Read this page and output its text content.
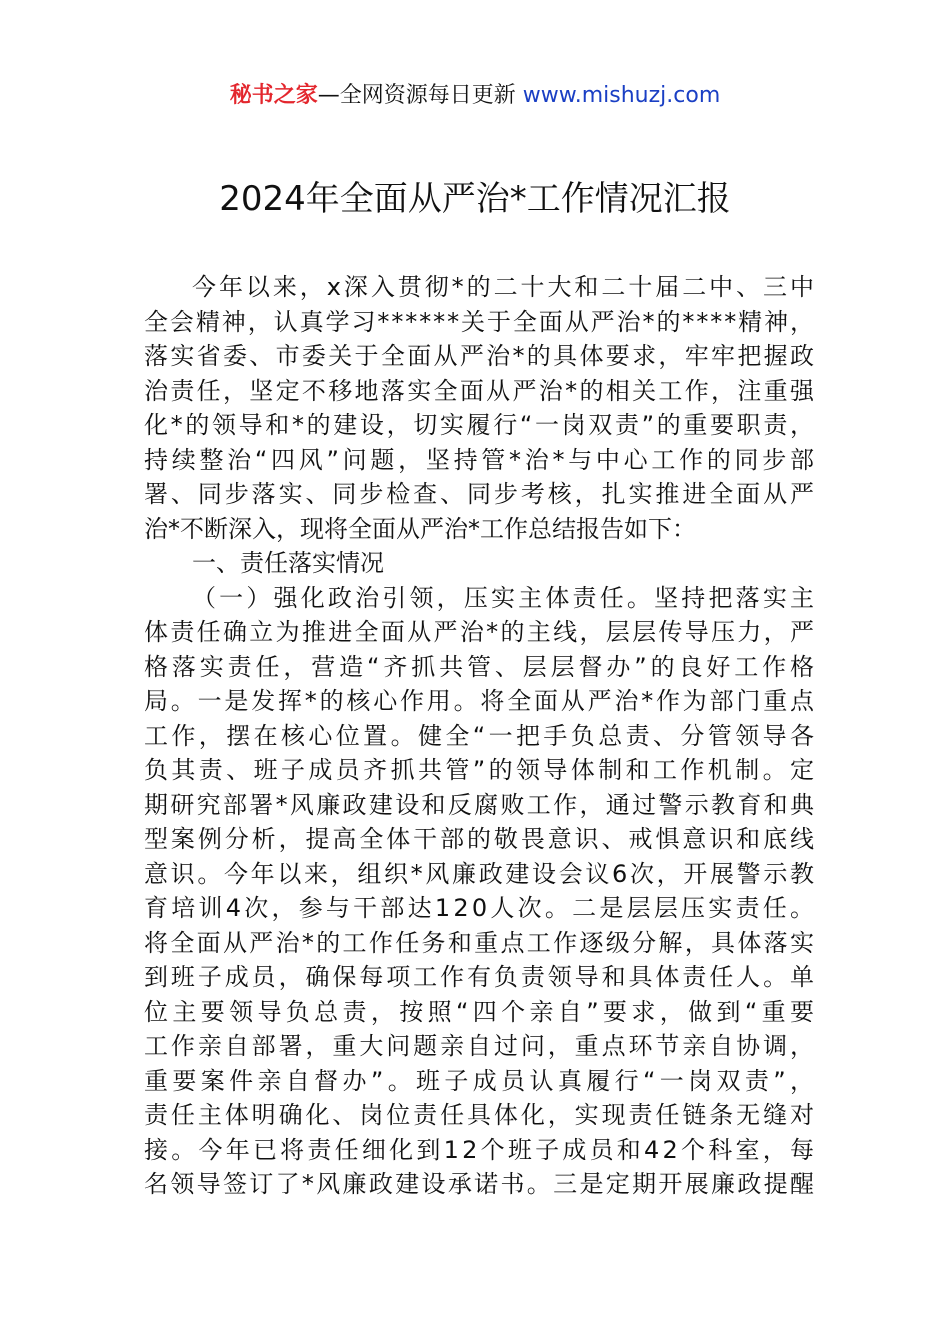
秘书之家—全网资源每日更新 www.mishuzj.com
2024年全面从严治*工作情况汇报
今年以来，x深入贯彻*的二十大和二十届二中、三中
全会精神，认真学习******关于全面从严治*的****精神，
落实省委、市委关于全面从严治*的具体要求，牢牢把握政
治责任，坚定不移地落实全面从严治*的相关工作，注重强
化*的领导和*的建设，切实履行“一岗双责”的重要职责，
持续整治“四风”问题，坚持管*治*与中心工作的同步部
署、同步落实、同步检查、同步考核，扎实推进全面从严
治*不断深入，现将全面从严治*工作总结报告如下：
一、责任落实情况
（一）强化政治引领，压实主体责任。坚持把落实主
体责任确立为推进全面从严治*的主线，层层传导压力，严
格落实责任，营造“齐抓共管、层层督办”的良好工作格
局。一是发挥*的核心作用。将全面从严治*作为部门重点
工作，摆在核心位置。健全“一把手负总责、分管领导各
负其责、班子成员齐抓共管”的领导体制和工作机制。定
期研究部署*风廉政建设和反腐败工作，通过警示教育和典
型案例分析，提高全体干部的敬畏意识、戒惧意识和底线
意识。今年以来，组织*风廉政建设会议6次，开展警示教
育培训4次，参与干部达120人次。二是层层压实责任。
将全面从严治*的工作任务和重点工作逐级分解，具体落实
到班子成员，确保每项工作有负责领导和具体责任人。单
位主要领导负总责，按照“四个亲自”要求，做到“重要
工作亲自部署，重大问题亲自过问，重点环节亲自协调，
重要案件亲自督办”。班子成员认真履行“一岗双责”，
责任主体明确化、岗位责任具体化，实现责任链条无缝对
接。今年已将责任细化到12个班子成员和42个科室，每
名领导签订了*风廉政建设承诺书。三是定期开展廉政提醒
